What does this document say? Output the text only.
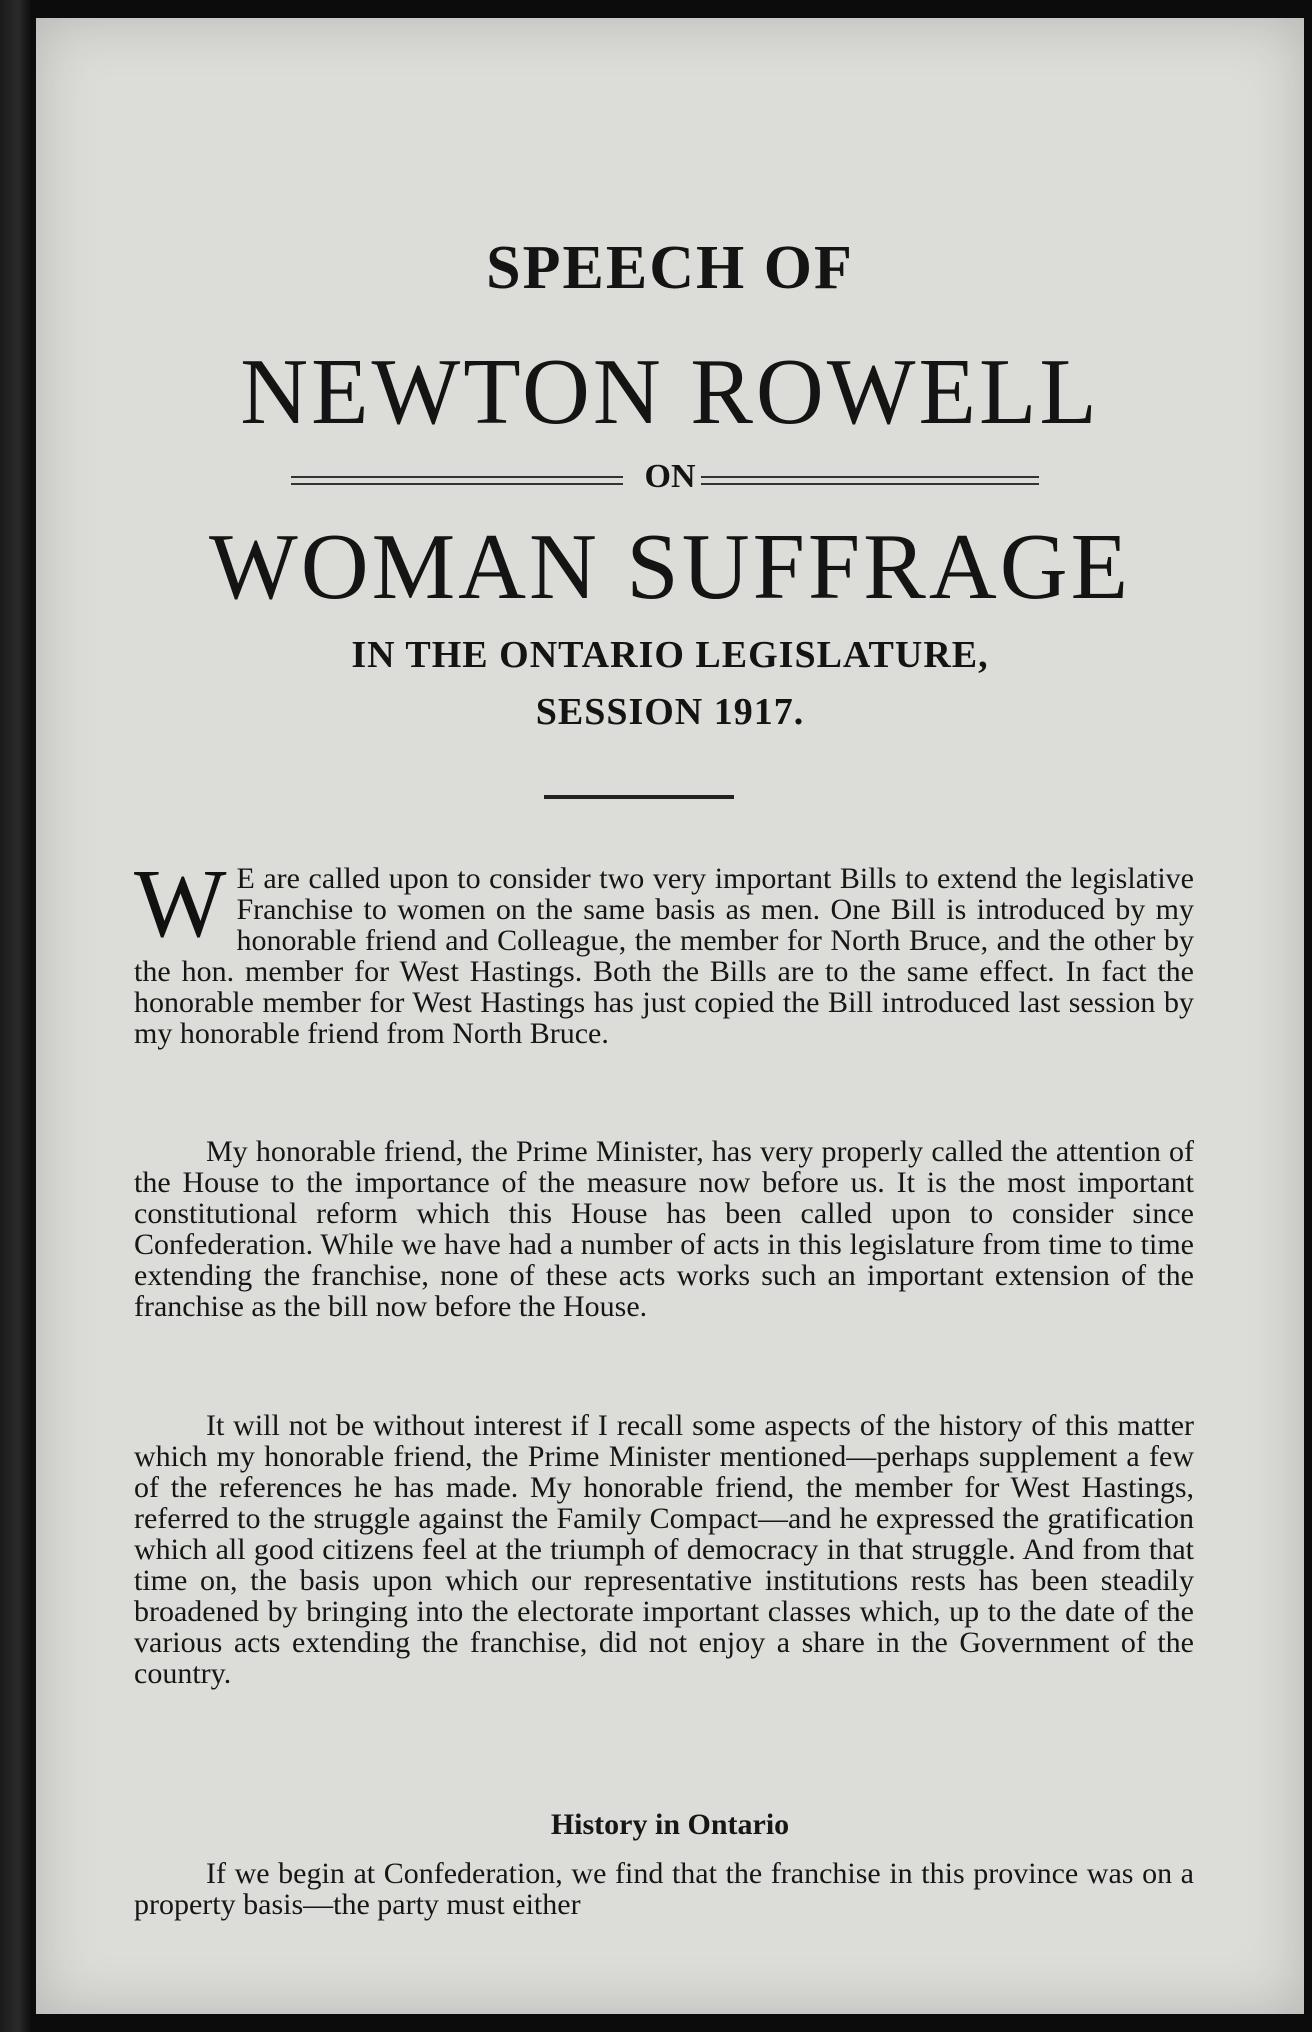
SPEECH OF
NEWTON ROWELL
ON
WOMAN SUFFRAGE
IN THE ONTARIO LEGISLATURE,
SESSION 1917.
W E are called upon to consider two very important Bills to extend the legislative Franchise to women on the same basis as men. One Bill is introduced by my honorable friend and Colleague, the member for North Bruce, and the other by the hon. member for West Hastings. Both the Bills are to the same effect. In fact the honorable member for West Hastings has just copied the Bill introduced last session by my honorable friend from North Bruce.
My honorable friend, the Prime Minister, has very properly called the attention of the House to the importance of the measure now before us. It is the most important constitutional reform which this House has been called upon to consider since Confederation. While we have had a number of acts in this legislature from time to time extending the franchise, none of these acts works such an important extension of the franchise as the bill now before the House.
It will not be without interest if I recall some aspects of the history of this matter which my honorable friend, the Prime Minister mentioned—perhaps supplement a few of the references he has made. My honorable friend, the member for West Hastings, referred to the struggle against the Family Compact—and he expressed the gratification which all good citizens feel at the triumph of democracy in that struggle. And from that time on, the basis upon which our representative institutions rests has been steadily broadened by bringing into the electorate important classes which, up to the date of the various acts extending the franchise, did not enjoy a share in the Government of the country.
History in Ontario
If we begin at Confederation, we find that the franchise in this province was on a property basis—the party must either
